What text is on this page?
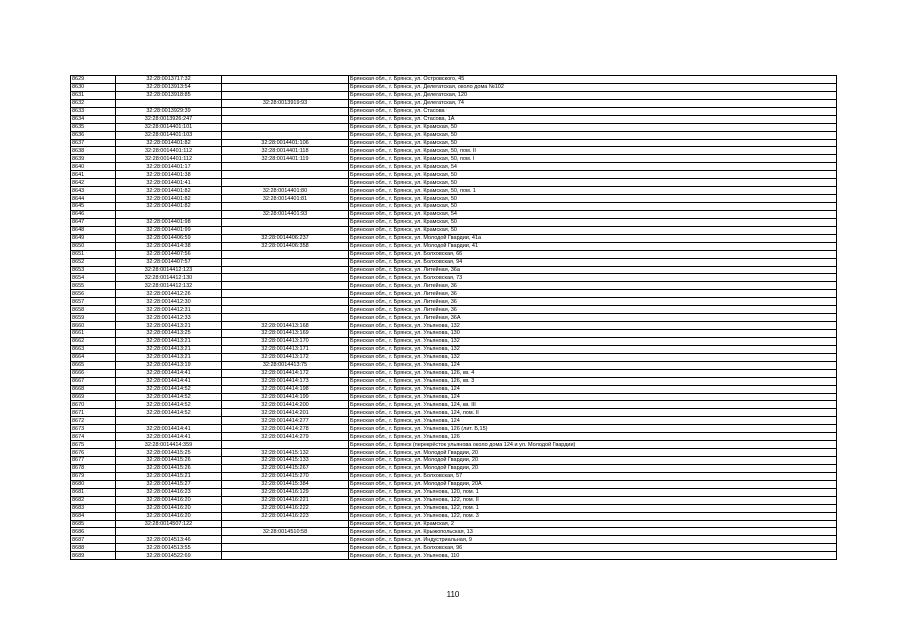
8629	32:28:0013717:32		Брянская обл., г. Брянск, ул. Островского, 45
8630	32:28:0013913:54		Брянская обл., г. Брянск, ул. Делегатская, около дома №102
8631	32:28:0013918:85		Брянская обл., г. Брянск, ул. Делегатская, 120
8632		32:28:0013919:93	Брянская обл., г. Брянск, ул. Делегатская, 74
8633	32:28:0013929:39		Брянская обл., г. Брянск, ул. Стасова
8634	32:28:0013926:247		Брянская обл., г. Брянск, ул. Стасова, 1А
8635	32:28:0014401:101		Брянская обл., г. Брянск, ул. Крамская, 50
8636	32:28:0014401:103		Брянская обл., г. Брянск, ул. Крамская, 50
8637	32:28:0014401:82	32:28:0014401:106	Брянская обл., г. Брянск, ул. Крамская, 50
8638	32:28:0014401:112	32:28:0014401:118	Брянская обл., г. Брянск, ул. Крамская, 50, пом. II
8639	32:28:0014401:112	32:28:0014401:119	Брянская обл., г. Брянск, ул. Крамская, 50, пом. I
8640	32:28:0014401:17		Брянская обл., г. Брянск, ул. Крамская, 54
8641	32:28:0014401:38		Брянская обл., г. Брянск, ул. Крамская, 50
8642	32:28:0014401:41		Брянская обл., г. Брянск, ул. Крамская, 50
8643	32:28:0014401:82	32:28:0014401:80	Брянская обл., г. Брянск, ул. Крамская, 50, пом. 1
8644	32:28:0014401:82	32:28:0014401:81	Брянская обл., г. Брянск, ул. Крамская, 50
8645	32:28:0014401:82		Брянская обл., г. Брянск, ул. Крамская, 50
8646		32:28:0014401:93	Брянская обл., г. Брянск, ул. Крамская, 54
8647	32:28:0014401:98		Брянская обл., г. Брянск, ул. Крамская, 50
8648	32:28:0014401:99		Брянская обл., г. Брянск, ул. Крамская, 50
8649	32:28:0014406:59	32:28:0014406:237	Брянская обл., г. Брянск, ул. Молодой Гвардии, 41а
8650	32:28:0014414:38	32:28:0014406:358	Брянская обл., г. Брянск, ул. Молодой Гвардии, 41
8651	32:28:0014407:56		Брянская обл., г. Брянск, ул. Болховская, 66
8652	32:28:0014407:57		Брянская обл., г. Брянск, ул. Болховская, 94
8653	32:28:0014412:123		Брянская обл., г. Брянск, ул. Литейная, 36а
8654	32:28:0014412:130		Брянская обл., г. Брянск, ул. Болховская, 73
8655	32:28:0014412:132		Брянская обл., г. Брянск, ул. Литейная, 36
8656	32:28:0014412:26		Брянская обл., г. Брянск, ул. Литейная, 36
8657	32:28:0014412:30		Брянская обл., г. Брянск, ул. Литейная, 36
8658	32:28:0014412:31		Брянская обл., г. Брянск, ул. Литейная, 36
8659	32:28:0014412:33		Брянская обл., г. Брянск, ул. Литейная, 36А
8660	32:28:0014413:21	32:28:0014413:168	Брянская обл., г. Брянск, ул. Ульянова, 132
8661	32:28:0014413:25	32:28:0014413:169	Брянская обл., г. Брянск, ул. Ульянова, 130
8662	32:28:0014413:21	32:28:0014413:170	Брянская обл., г. Брянск, ул. Ульянова, 132
8663	32:28:0014413:21	32:28:0014413:171	Брянская обл., г. Брянск, ул. Ульянова, 132
8664	32:28:0014413:21	32:28:0014413:172	Брянская обл., г. Брянск, ул. Ульянова, 132
8665	32:28:0014413:19	32:28:0014413:75	Брянская обл., г. Брянск, ул. Ульянова, 124
8666	32:28:0014414:41	32:28:0014414:172	Брянская обл., г. Брянск, ул. Ульянова, 126, кв. 4
8667	32:28:0014414:41	32:28:0014414:173	Брянская обл., г. Брянск, ул. Ульянова, 126, кв. 3
8668	32:28:0014414:52	32:28:0014414:198	Брянская обл., г. Брянск, ул. Ульянова, 124
8669	32:28:0014414:52	32:28:0014414:199	Брянская обл., г. Брянск, ул. Ульянова, 124
8670	32:28:0014414:52	32:28:0014414:200	Брянская обл., г. Брянск, ул. Ульянова, 124, кв. III
8671	32:28:0014414:52	32:28:0014414:201	Брянская обл., г. Брянск, ул. Ульянова, 124, пом. II
8672		32:28:0014414:277	Брянская обл., г. Брянск, ул. Ульянова, 124
8673	32:28:0014414:41	32:28:0014414:278	Брянская обл., г. Брянск, ул. Ульянова, 126 (лит. Б,15)
8674	32:28:0014414:41	32:28:0014414:279	Брянская обл., г. Брянск, ул. Ульянова, 126
8675	32:28:0014414:359		Брянская обл., г. Брянск (перекрёсток ульянова около дома 124 и ул. Молодой Гвардии)
8676	32:28:0014415:25	32:28:0014415:132	Брянская обл., г. Брянск, ул. Молодой Гвардии, 20
8677	32:28:0014415:26	32:28:0014415:133	Брянская обл., г. Брянск, ул. Молодой Гвардии, 20
8678	32:28:0014415:26	32:28:0014415:267	Брянская обл., г. Брянск, ул. Молодой Гвардии, 20
8679	32:28:0014415:21	32:28:0014415:270	Брянская обл., г. Брянск, ул. Болховская, 57
8680	32:28:0014415:27	32:28:0014415:384	Брянская обл., г. Брянск, ул. Молодой Гвардии, 20А
8681	32:28:0014416:23	32:28:0014416:129	Брянская обл., г. Брянск, ул. Ульянова, 120, пом. 1
8682	32:28:0014416:20	32:28:0014416:221	Брянская обл., г. Брянск, ул. Ульянова, 122, пом. II
8683	32:28:0014416:20	32:28:0014416:222	Брянская обл., г. Брянск, ул. Ульянова, 122, пом. 1
8684	32:28:0014416:20	32:28:0014416:223	Брянская обл., г. Брянск, ул. Ульянова, 122, пом. 3
8685	32:28:0014507:122		Брянская обл., г. Брянск, ул. Крамская, 2
8686		32:28:0014510:58	Брянская обл., г. Брянск, ул. Крыжопольская, 13
8687	32:28:0014513:46		Брянская обл., г. Брянск, ул. Индустриальная, 9
8688	32:28:0014513:55		Брянская обл., г. Брянск, ул. Болховская, 96
8689	32:28:0014522:69		Брянская обл., г. Брянск, ул. Ульянова, 110
110
